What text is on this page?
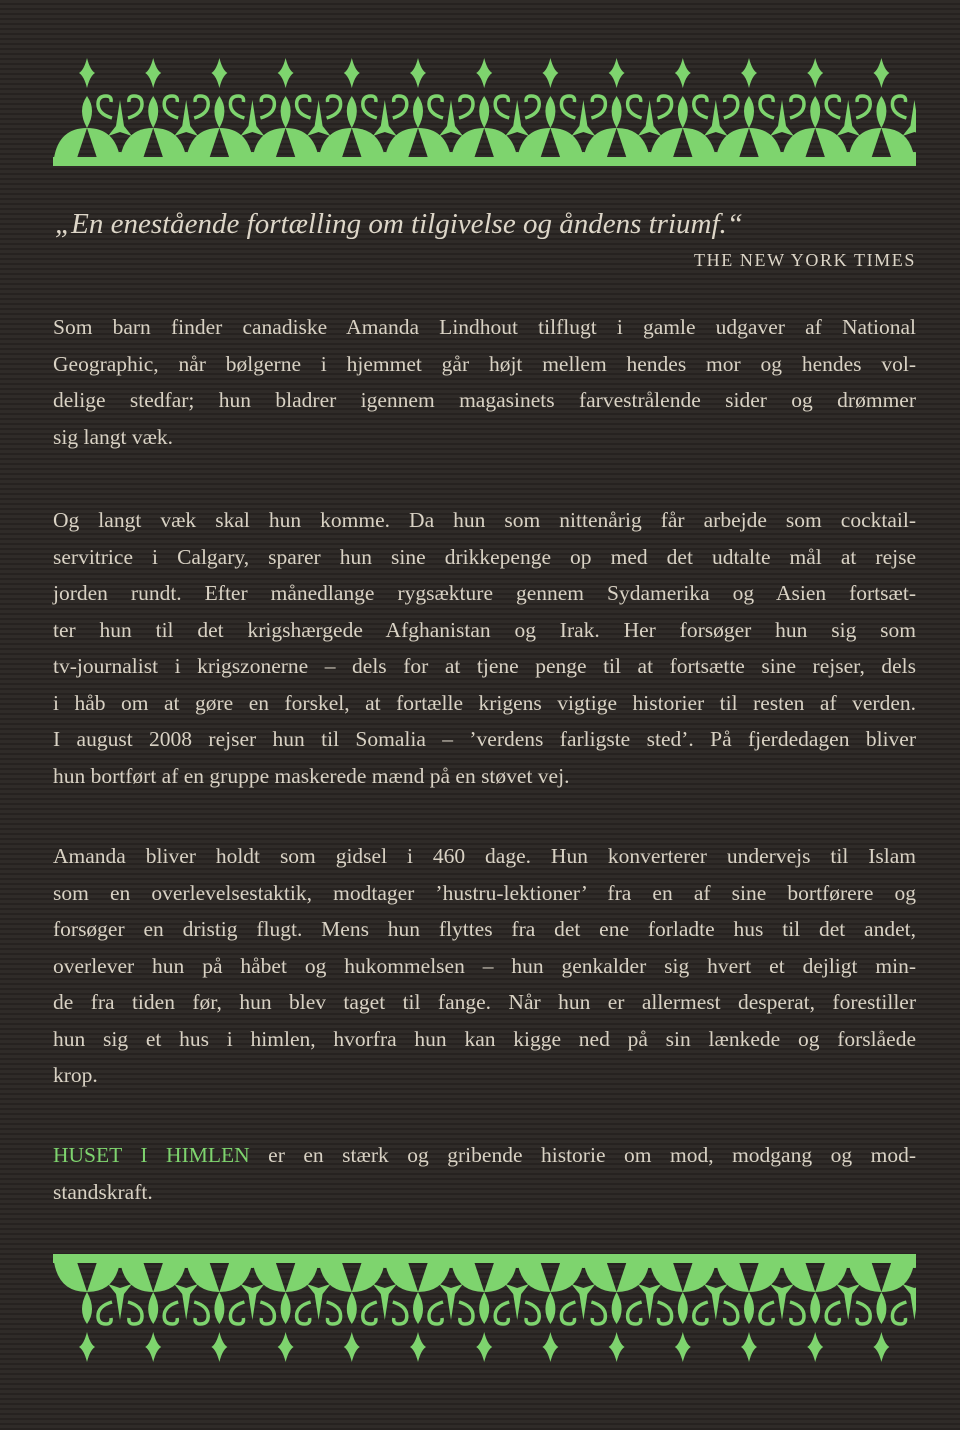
„En enestående fortælling om tilgivelse og åndens triumf.“
THE NEW YORK TIMES
Som barn finder canadiske Amanda Lindhout tilflugt i gamle udgaver af National
Geographic, når bølgerne i hjemmet går højt mellem hendes mor og hendes vol-
delige stedfar; hun bladrer igennem magasinets farvestrålende sider og drømmer
sig langt væk.
Og langt væk skal hun komme. Da hun som nittenårig får arbejde som cocktail-
servitrice i Calgary, sparer hun sine drikkepenge op med det udtalte mål at rejse
jorden rundt. Efter månedlange rygsækture gennem Sydamerika og Asien fortsæt-
ter hun til det krigshærgede Afghanistan og Irak. Her forsøger hun sig som
tv-journalist i krigszonerne – dels for at tjene penge til at fortsætte sine rejser, dels
i håb om at gøre en forskel, at fortælle krigens vigtige historier til resten af verden.
I august 2008 rejser hun til Somalia – ’verdens farligste sted’. På fjerdedagen bliver
hun bortført af en gruppe maskerede mænd på en støvet vej.
Amanda bliver holdt som gidsel i 460 dage. Hun konverterer undervejs til Islam
som en overlevelsestaktik, modtager ’hustru-lektioner’ fra en af sine bortførere og
forsøger en dristig flugt. Mens hun flyttes fra det ene forladte hus til det andet,
overlever hun på håbet og hukommelsen – hun genkalder sig hvert et dejligt min-
de fra tiden før, hun blev taget til fange. Når hun er allermest desperat, forestiller
hun sig et hus i himlen, hvorfra hun kan kigge ned på sin lænkede og forslåede
krop.
HUSET I HIMLEN er en stærk og gribende historie om mod, modgang og mod-
standskraft.
